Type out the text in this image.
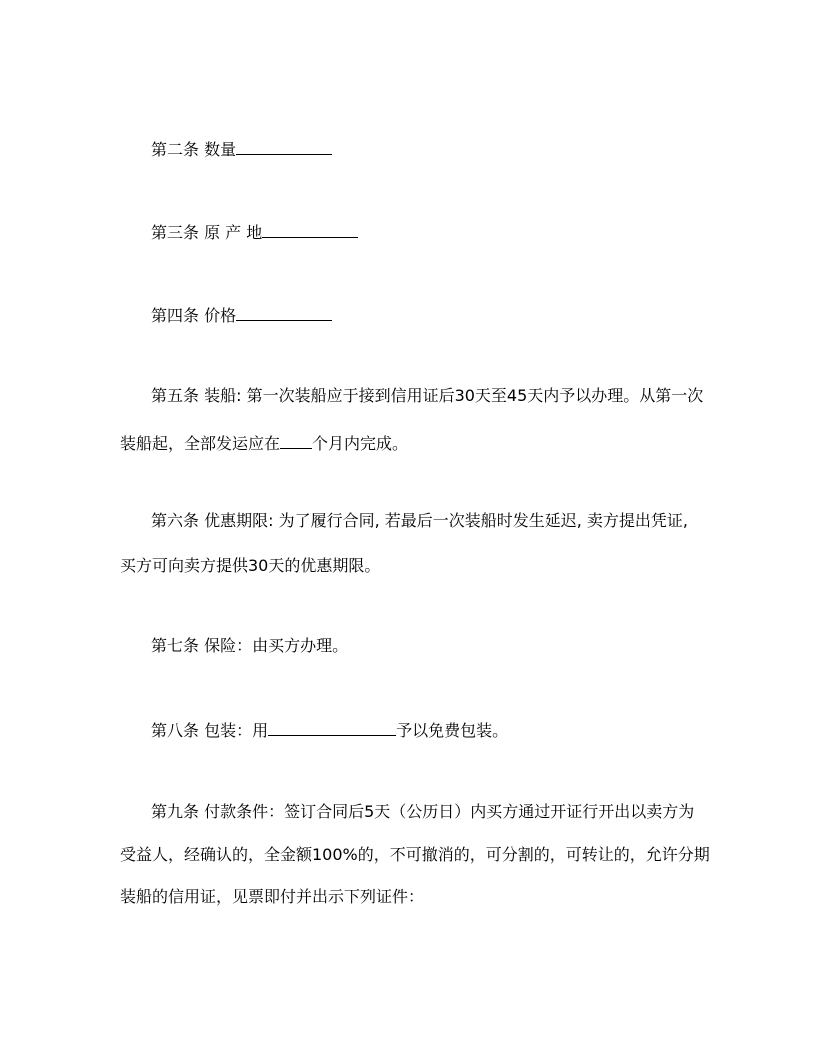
第二条 数量

第三条 原 产 地

第四条 价格

第五条 装船: 第一次装船应于接到信用证后30天至45天内予以办理。从第一次

装船起，全部发运应在 个月内完成。

第六条 优惠期限: 为了履行合同, 若最后一次装船时发生延迟, 卖方提出凭证,

买方可向卖方提供30天的优惠期限。

第七条 保险：由买方办理。

第八条 包装：用	予以免费包装。

第九条 付款条件：签订合同后5天（公历日）内买方通过开证行开出以卖方为

受益人，经确认的，全金额100%的，不可撤消的，可分割的，可转让的，允许分期

装船的信用证，见票即付并出示下列证件：
